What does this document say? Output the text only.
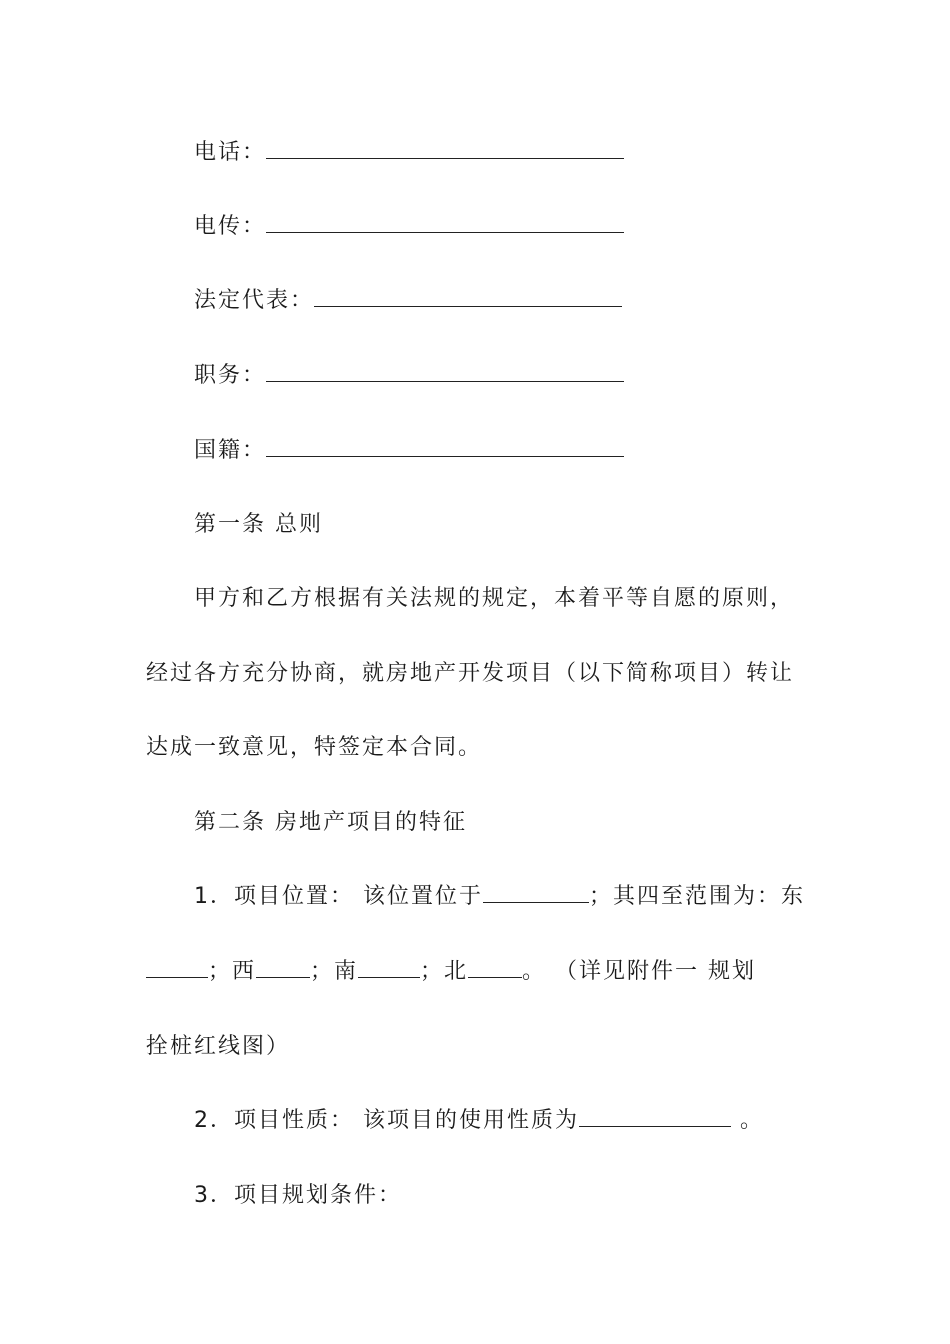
电话：
电传：
法定代表：
职务：
国籍：
第一条 总则
甲方和乙方根据有关法规的规定，本着平等自愿的原则，
经过各方充分协商，就房地产开发项目（以下简称项目）转让
达成一致意见，特签定本合同。
第二条 房地产项目的特征
1．项目位置： 该位置位于	；其四至范围为：东
；西 ；南	；北 。 （详见附件一 规划
拴桩红线图）
2．项目性质： 该项目的使用性质为	。
3．项目规划条件：
